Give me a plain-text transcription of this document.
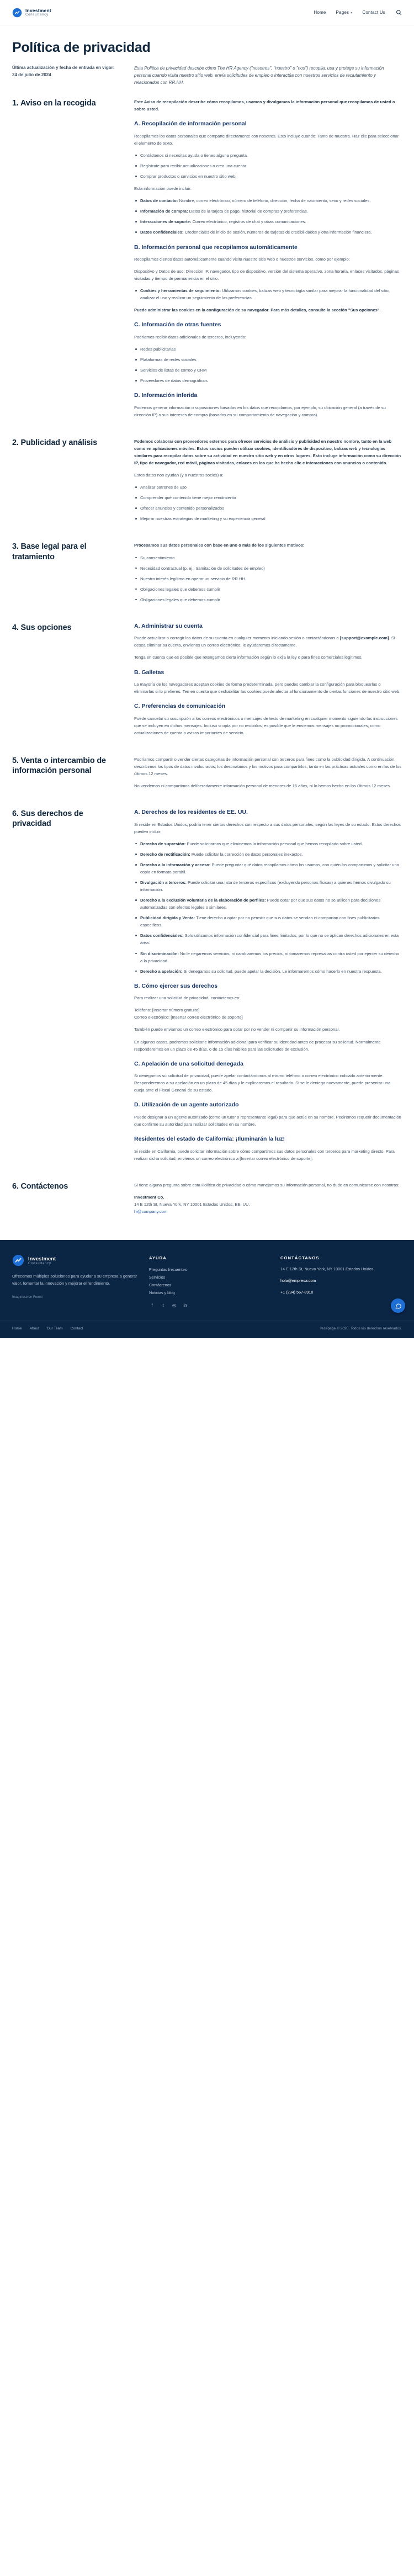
Investment
Consultancy	Home Pages ▾	Contact Us
Política de privacidad

Última actualización y fecha de entrada en vigor: 24 de julio de 2024

Esta Política de privacidad describe cómo The HR Agency ("nosotros", "nuestro" o "nos") recopila, usa y protege su información personal cuando visita nuestro sitio web, envía solicitudes de empleo o interactúa con nuestros servicios de reclutamiento y relacionados con RR.HH.
1. Aviso en la recogida	Este Aviso de recopilación describe cómo recopilamos, usamos y divulgamos la información personal que recopilamos de usted o sobre usted.

A. Recopilación de información personal

Recopilamos los datos personales que comparte directamente con nosotros. Esto incluye cuando: Tanto de muestra. Haz clic para seleccionar el elemento de texto.

Contáctenos si necesitas ayuda o tienes alguna pregunta.
Regístrate para recibir actualizaciones o crea una cuenta.
Comprar productos o servicios en nuestro sitio web.

Esta información puede incluir:

Datos de contacto: Nombre, correo electrónico, número de teléfono, dirección, fecha de nacimiento, sexo y redes sociales.
Información de compra: Datos de la tarjeta de pago, historial de compras y preferencias.
Interacciones de soporte: Correo electrónico, registros de chat y otras comunicaciones.
Datos confidenciales: Credenciales de inicio de sesión, números de tarjetas de credibilidades y otra información financiera.
B. Información personal que recopilamos automáticamente

Recopilamos ciertos datos automáticamente cuando visita nuestro sitio web o nuestros servicios, como por ejemplo:

Dispositivo y Datos de uso: Dirección IP, navegador, tipo de dispositivo, versión del sistema operativo, zona horaria, enlaces visitados, páginas visitadas y tiempo de permanencia en el sitio.

Cookies y herramientas de seguimiento: Utilizamos cookies, balizas web y tecnología similar para mejorar la funcionalidad del sitio, analizar el uso y realizar un seguimiento de las preferencias.

Puede administrar las cookies en la configuración de su navegador. Para más detalles, consulte la sección "Sus opciones".

C. Información de otras fuentes

Podríamos recibir datos adicionales de terceros, incluyendo:

Redes públicitarias
Plataformas de redes sociales
Servicios de listas de correo y CRM
Proveedores de datos demográficos
D. Información inferida

Podemos generar información o suposiciones basadas en los datos que recopilamos, por ejemplo, su ubicación general (a través de su dirección IP) o sus intereses de compra (basados en su comportamiento de navegación y compra).

2. Publicidad y análisis	Podemos colaborar con proveedores externos para ofrecer servicios de análisis y publicidad en nuestro nombre, tanto en la web como en aplicaciones móviles. Estos socios pueden utilizar cookies, identificadores de dispositivo, balizas web y tecnologías similares para recopilar datos sobre su actividad en nuestro sitio web y en otros lugares. Esto incluye información como su dirección IP, tipo de navegador, red móvil, páginas visitadas, enlaces en los que ha hecho clic e interacciones con anuncios o contenido.

Estos datos nos ayudan (y a nuestros socios) a:

Analizar patrones de uso
Comprender qué contenido tiene mejor rendimiento
Ofrecer anuncios y contenido personalizados
Mejorar nuestras estrategias de marketing y su experiencia general
3. Base legal para el tratamiento

Procesamos sus datos personales con base en uno o más de los siguientes motivos:

Su consentimiento
Necesidad contractual (p. ej., tramitación de solicitudes de empleo)
Nuestro interés legítimo en operar un servicio de RR.HH.
Obligaciones legales que debemos cumplir
Obligaciones legales que debemos cumplir
4. Sus opciones	A. Administrar su cuenta

Puede actualizar o corregir los datos de su cuenta en cualquier momento iniciando sesión o contactándonos a [support@example.com]. Si desea eliminar su cuenta, envíenos un correo electrónico; le ayudaremos directamente.

Tenga en cuenta que es posible que retengamos cierta información según lo exija la ley o para fines comerciales legítimos.

B. Galletas

La mayoría de los navegadores aceptan cookies de forma predeterminada, pero puedes cambiar la configuración para bloquearlas o eliminarlas si lo prefieres. Ten en cuenta que deshabilitar las cookies puede afectar al funcionamiento de ciertas funciones de nuestro sitio web.

C. Preferencias de comunicación

Puede cancelar su suscripción a los correos electrónicos o mensajes de texto de marketing en cualquier momento siguiendo las instrucciones que se incluyen en dichos mensajes. Incluso si opta por no recibirlos, es posible que le enviemos mensajes no promocionales, como actualizaciones de cuenta o avisos importantes de servicio.

5. Venta o intercambio de información personal

Podríamos compartir o vender ciertas categorías de información personal con terceros para fines como la publicidad dirigida. A continuación, describimos los tipos de datos involucrados, los destinatarios y los motivos para compartirlos, tanto en las prácticas actuales como en las de los últimos 12 meses.

No vendemos ni compartimos deliberadamente información personal de menores de 16 años, ni lo hemos hecho en los últimos 12 meses.

6. Sus derechos de privacidad
A. Derechos de los residentes de EE. UU.

Si reside en Estados Unidos, podría tener ciertos derechos con respecto a sus datos personales, según las leyes de su estado. Estos derechos pueden incluir:

Derecho de supresión: Puede solicitarnos que eliminemos la información personal que hemos recopilado sobre usted.
Derecho de rectificación: Puede solicitar la corrección de datos personales inexactos.
Derecho a la información y acceso: Puede preguntar qué datos recopilamos cómo los usamos, con quién los compartimos y solicitar una copia en formato portátil.
Divulgación a terceros: Puede solicitar una lista de terceros específicos (excluyendo personas físicas) a quienes hemos divulgado su información.
Derecho a la exclusión voluntaria de la elaboración de perfiles: Puede optar por que sus datos no se utilicen para decisiones automatizadas con efectos legales o similares.
Publicidad dirigida y Venta: Tiene derecho a optar por no permitir que sus datos se vendan ni compartan con fines publicitarios específicos.
Datos confidenciales: Solo utilizamos información confidencial para fines limitados, por lo que no se aplican derechos adicionales en esta área.
Sin discriminación: No le negaremos servicios, ni cambiaremos los precios, ni tomaremos represalias contra usted por ejercer su derecho a la privacidad.
Derecho a apelación: Si denegamos su solicitud, puede apelar la decisión. Le informaremos cómo hacerlo en nuestra respuesta.
B. Cómo ejercer sus derechos

Para realizar una solicitud de privacidad, contáctenos en:

Teléfono: [Insertar número gratuito]
Correo electrónico: [Insertar correo electrónico de soporte]

También puede enviarnos un correo electrónico para optar por no vender ni compartir su información personal.

En algunos casos, podremos solicitarle información adicional para verificar su identidad antes de procesar su solicitud. Normalmente responderemos en un plazo de 45 días, o de 15 días hábiles para las solicitudes de exclusión.

C. Apelación de una solicitud denegada

Si denegamos su solicitud de privacidad, puede apelar contactándonos al mismo teléfono o correo electrónico indicado anteriormente. Responderemos a su apelación en un plazo de 45 días y le explicaremos el resultado. Si se le deniega nuevamente, puede presentar una queja ante el Fiscal General de su estado.

D. Utilización de un agente autorizado

Puede designar a un agente autorizado (como un tutor o representante legal) para que actúe en su nombre. Pediremos requerir documentación que confirme su autoridad para realizar solicitudes en su nombre.

Residentes del estado de California: ¡Iluminarán la luz!

Si reside en California, puede solicitar información sobre cómo compartimos sus datos personales con terceros para marketing directo. Para realizar dicha solicitud, envíenos un correo electrónico a [Insertar correo electrónico de soporte].

6. Contáctenos	Si tiene alguna pregunta sobre esta Política de privacidad o cómo manejamos su información personal, no dude en comunicarse con nosotros:

Investment Co.
14 E 12th St, Nueva York, NY 10001 Estados Unidos, EE. UU.
hi@company.com

Investment
Consultancy

Ofrecemos múltiples soluciones para ayudar a su empresa a generar valor, fomentar la innovación y mejorar el rendimiento.

Imagínese en Forest
AYUDA
Preguntas frecuentes
Servicios
Contáctenos
Noticias y blog
f	t	◎ in
CONTÁCTANOS

14 E 12th St, Nueva York, NY 10001 Estados Unidos

hola@empresa.com

+1 (234) 567-8910

Home About Our Team Contact	Nicepage © 2020. Todos los derechos reservados.
